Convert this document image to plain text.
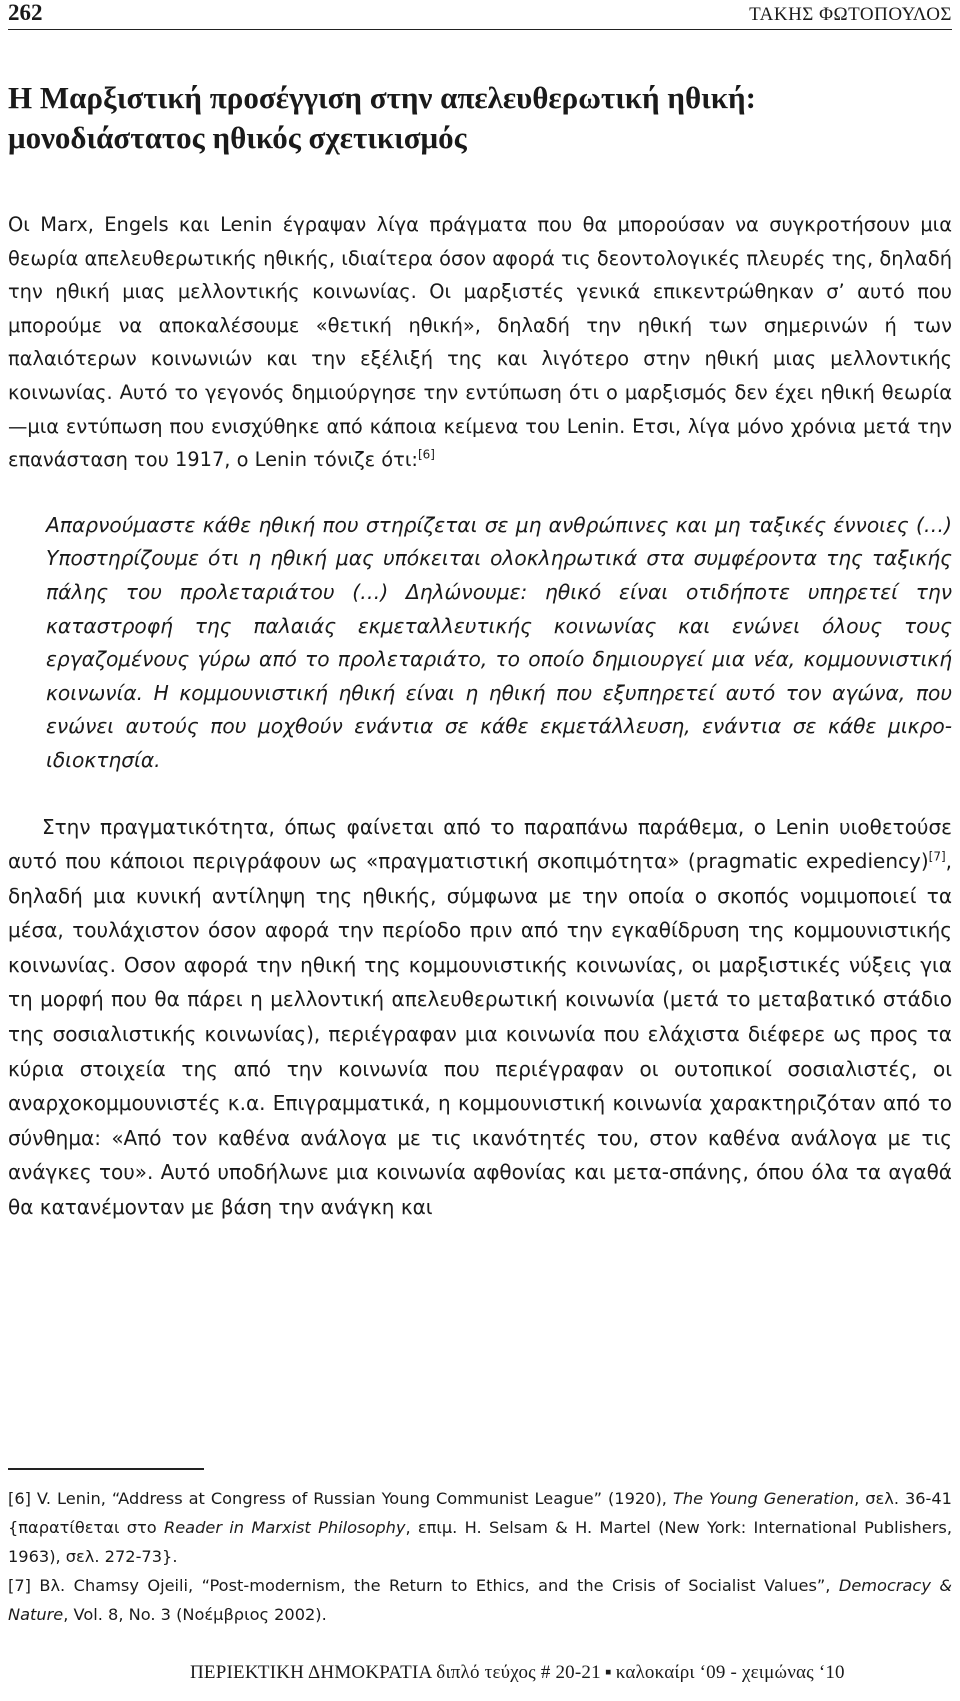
262	ΤΑΚΗΣ ΦΩΤΟΠΟΥΛΟΣ
Η Μαρξιστική προσέγγιση στην απελευθερωτική ηθική:
μονοδιάστατος ηθικός σχετικισμός

Οι Marx, Engels και Lenin έγραψαν λίγα πράγματα που θα μπορούσαν να συγκροτήσουν μια θεωρία απελευθερωτικής ηθικής, ιδιαίτερα όσον αφορά τις δεοντολογικές πλευρές της, δηλαδή την ηθική μιας μελλοντικής κοινωνίας. Οι μαρξιστές γενικά επικεντρώθηκαν σ’ αυτό που μπορούμε να αποκαλέσουμε «θετική ηθική», δηλαδή την ηθική των σημερινών ή των παλαιότερων κοινωνιών και την εξέλιξή της και λιγότερο στην ηθική μιας μελλοντικής κοινωνίας. Αυτό το γεγονός δημιούργησε την εντύπωση ότι ο μαρξισμός δεν έχει ηθική θεωρία —μια εντύπωση που ενισχύθηκε από κάποια κείμενα του Lenin. Ετσι, λίγα μόνο χρόνια μετά την επανάσταση του 1917, ο Lenin τόνιζε ότι:[6]

Απαρνούμαστε κάθε ηθική που στηρίζεται σε μη ανθρώπινες και μη ταξικές έννοιες (…) Υποστηρίζουμε ότι η ηθική μας υπόκειται ολοκληρωτικά στα συμφέροντα της ταξικής πάλης του προλεταριάτου (…) Δηλώνουμε: ηθικό είναι οτιδήποτε υπηρετεί την καταστροφή της παλαιάς εκμεταλλευτικής κοινωνίας και ενώνει όλους τους εργαζομένους γύρω από το προλεταριάτο, το οποίο δημιουργεί μια νέα, κομμουνιστική κοινωνία. Η κομμουνιστική ηθική είναι η ηθική που εξυπηρετεί αυτό τον αγώνα, που ενώνει αυτούς που μοχθούν ενάντια σε κάθε εκμετάλλευση, ενάντια σε κάθε μικρο-ιδιοκτησία.

Στην πραγματικότητα, όπως φαίνεται από το παραπάνω παράθεμα, ο Lenin υιοθετούσε αυτό που κάποιοι περιγράφουν ως «πραγματιστική σκοπιμότητα» (pragmatic expediency)[7], δηλαδή μια κυνική αντίληψη της ηθικής, σύμφωνα με την οποία ο σκοπός νομιμοποιεί τα μέσα, τουλάχιστον όσον αφορά την περίοδο πριν από την εγκαθίδρυση της κομμουνιστικής κοινωνίας. Οσον αφορά την ηθική της κομμουνιστικής κοινωνίας, οι μαρξιστικές νύξεις για τη μορφή που θα πάρει η μελλοντική απελευθερωτική κοινωνία (μετά το μεταβατικό στάδιο της σοσιαλιστικής κοινωνίας), περιέγραφαν μια κοινωνία που ελάχιστα διέφερε ως προς τα κύρια στοιχεία της από την κοινωνία που περιέγραφαν οι ουτοπικοί σοσιαλιστές, οι αναρχοκομμουνιστές κ.α. Επιγραμματικά, η κομμουνιστική κοινωνία χαρακτηριζόταν από το σύνθημα: «Από τον καθένα ανάλογα με τις ικανότητές του, στον καθένα ανάλογα με τις ανάγκες του». Αυτό υποδήλωνε μια κοινωνία αφθονίας και μετα-σπάνης, όπου όλα τα αγαθά θα κατανέμονταν με βάση την ανάγκη και

[6] V. Lenin, “Address at Congress of Russian Young Communist League” (1920), The Young Generation, σελ. 36-41 {παρατίθεται στο Reader in Marxist Philosophy, επιμ. H. Selsam & H. Martel (New York: International Publishers, 1963), σελ. 272-73}.

[7] Βλ. Chamsy Ojeili, “Post-modernism, the Return to Ethics, and the Crisis of Socialist Values”, Democracy & Nature, Vol. 8, No. 3 (Νοέμβριος 2002).

ΠΕΡΙΕΚΤΙΚΗ ΔΗΜΟΚΡΑΤΙΑ διπλό τεύχος # 20-21 ▪ καλοκαίρι ‘09 - χειμώνας ‘10
